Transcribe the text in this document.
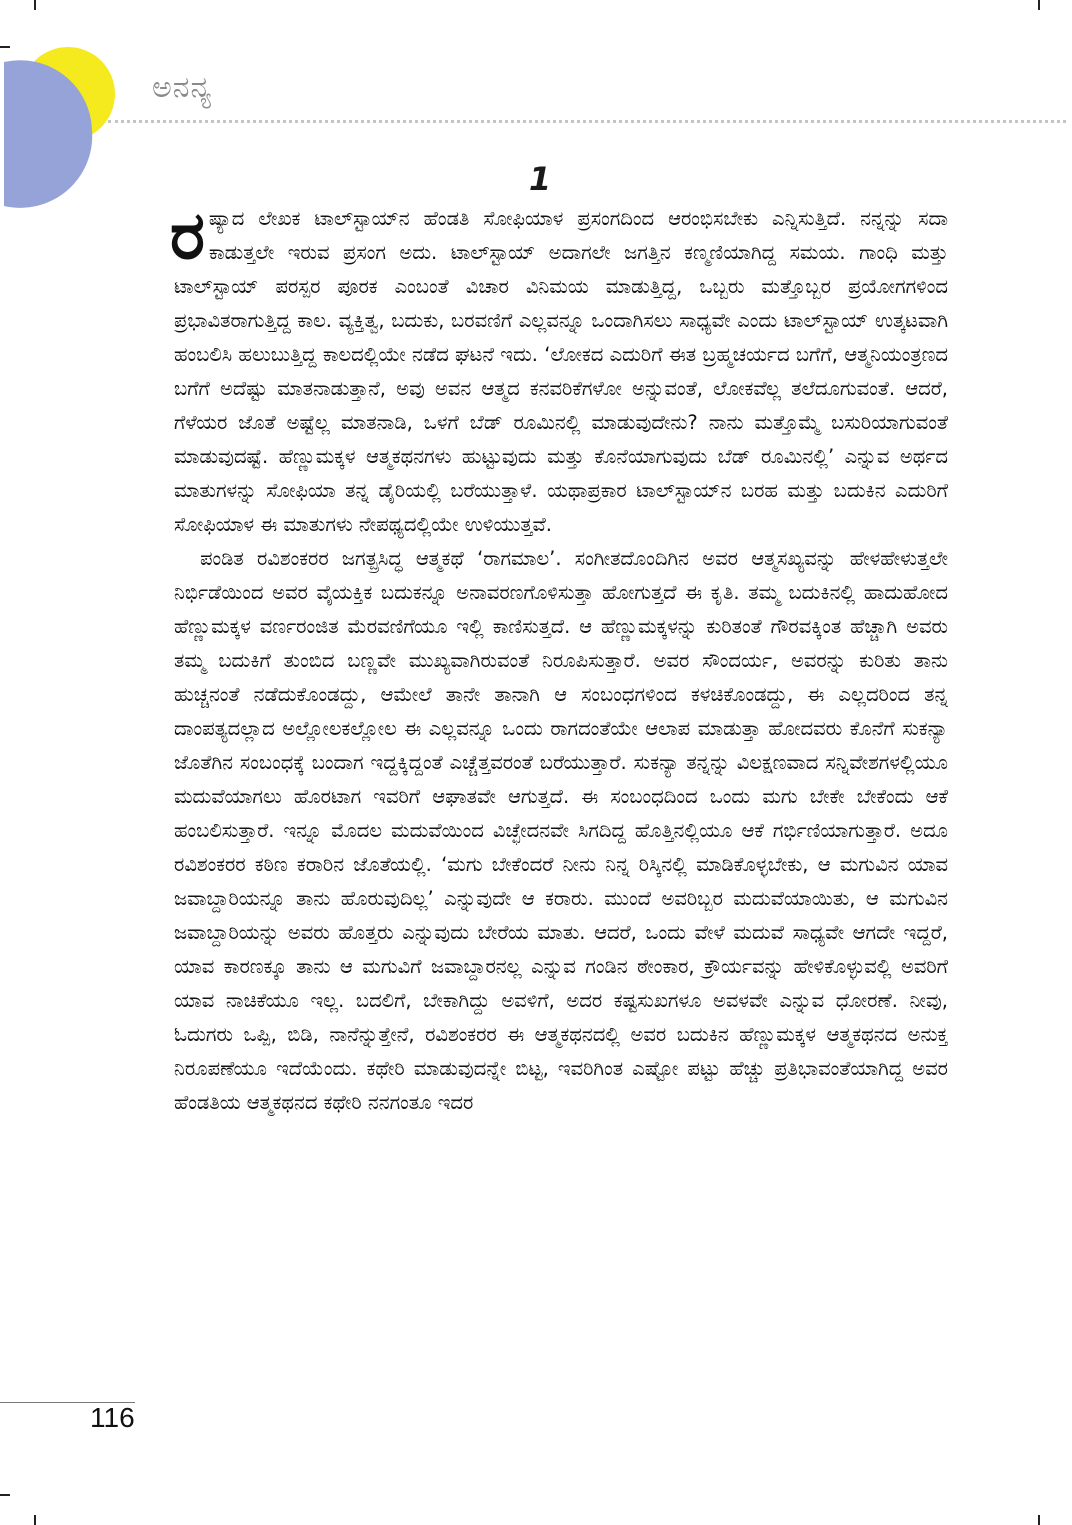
ಅನನ್ಯ
1

ರಷ್ಯಾದ ಲೇಖಕ ಟಾಲ್‌ಸ್ಟಾಯ್‌ನ ಹೆಂಡತಿ ಸೋಫಿಯಾಳ ಪ್ರಸಂಗದಿಂದ ಆರಂಭಿಸಬೇಕು ಎನ್ನಿಸುತ್ತಿದೆ. ನನ್ನನ್ನು ಸದಾ ಕಾಡುತ್ತಲೇ ಇರುವ ಪ್ರಸಂಗ ಅದು. ಟಾಲ್‌ಸ್ಟಾಯ್ ಅದಾಗಲೇ ಜಗತ್ತಿನ ಕಣ್ಮಣಿಯಾಗಿದ್ದ ಸಮಯ. ಗಾಂಧಿ ಮತ್ತು ಟಾಲ್‌ಸ್ಟಾಯ್ ಪರಸ್ಪರ ಪೂರಕ ಎಂಬಂತೆ ವಿಚಾರ ವಿನಿಮಯ ಮಾಡುತ್ತಿದ್ದ, ಒಬ್ಬರು ಮತ್ತೊಬ್ಬರ ಪ್ರಯೋಗಗಳಿಂದ ಪ್ರಭಾವಿತರಾಗುತ್ತಿದ್ದ ಕಾಲ. ವ್ಯಕ್ತಿತ್ವ, ಬದುಕು, ಬರವಣಿಗೆ ಎಲ್ಲವನ್ನೂ ಒಂದಾಗಿಸಲು ಸಾಧ್ಯವೇ ಎಂದು ಟಾಲ್‌ಸ್ಟಾಯ್ ಉತ್ಕಟವಾಗಿ ಹಂಬಲಿಸಿ ಹಲುಬುತ್ತಿದ್ದ ಕಾಲದಲ್ಲಿಯೇ ನಡೆದ ಘಟನೆ ಇದು. ‘ಲೋಕದ ಎದುರಿಗೆ ಈತ ಬ್ರಹ್ಮಚರ್ಯದ ಬಗೆಗೆ, ಆತ್ಮನಿಯಂತ್ರಣದ ಬಗೆಗೆ ಅದೆಷ್ಟು ಮಾತನಾಡುತ್ತಾನೆ, ಅವು ಅವನ ಆತ್ಮದ ಕನವರಿಕೆಗಳೋ ಅನ್ನುವಂತೆ, ಲೋಕವೆಲ್ಲ ತಲೆದೂಗುವಂತೆ. ಆದರೆ, ಗೆಳೆಯರ ಜೊತೆ ಅಷ್ಟೆಲ್ಲ ಮಾತನಾಡಿ, ಒಳಗೆ ಬೆಡ್ ರೂಮಿನಲ್ಲಿ ಮಾಡುವುದೇನು? ನಾನು ಮತ್ತೊಮ್ಮೆ ಬಸುರಿಯಾಗುವಂತೆ ಮಾಡುವುದಷ್ಟೆ. ಹೆಣ್ಣುಮಕ್ಕಳ ಆತ್ಮಕಥನಗಳು ಹುಟ್ಟುವುದು ಮತ್ತು ಕೊನೆಯಾಗುವುದು ಬೆಡ್ ರೂಮಿನಲ್ಲಿ’ ಎನ್ನುವ ಅರ್ಥದ ಮಾತುಗಳನ್ನು ಸೋಫಿಯಾ ತನ್ನ ಡೈರಿಯಲ್ಲಿ ಬರೆಯುತ್ತಾಳೆ. ಯಥಾಪ್ರಕಾರ ಟಾಲ್‌ಸ್ಟಾಯ್‌ನ ಬರಹ ಮತ್ತು ಬದುಕಿನ ಎದುರಿಗೆ ಸೋಫಿಯಾಳ ಈ ಮಾತುಗಳು ನೇಪಥ್ಯದಲ್ಲಿಯೇ ಉಳಿಯುತ್ತವೆ.

ಪಂಡಿತ ರವಿಶಂಕರರ ಜಗತ್ಪ್ರಸಿದ್ಧ ಆತ್ಮಕಥೆ ‘ರಾಗಮಾಲ’. ಸಂಗೀತದೊಂದಿಗಿನ ಅವರ ಆತ್ಮಸಖ್ಯವನ್ನು ಹೇಳಹೇಳುತ್ತಲೇ ನಿರ್ಭಿಡೆಯಿಂದ ಅವರ ವೈಯಕ್ತಿಕ ಬದುಕನ್ನೂ ಅನಾವರಣಗೊಳಿಸುತ್ತಾ ಹೋಗುತ್ತದೆ ಈ ಕೃತಿ. ತಮ್ಮ ಬದುಕಿನಲ್ಲಿ ಹಾದುಹೋದ ಹೆಣ್ಣುಮಕ್ಕಳ ವರ್ಣರಂಜಿತ ಮೆರವಣಿಗೆಯೂ ಇಲ್ಲಿ ಕಾಣಿಸುತ್ತದೆ. ಆ ಹೆಣ್ಣುಮಕ್ಕಳನ್ನು ಕುರಿತಂತೆ ಗೌರವಕ್ಕಿಂತ ಹೆಚ್ಚಾಗಿ ಅವರು ತಮ್ಮ ಬದುಕಿಗೆ ತುಂಬಿದ ಬಣ್ಣವೇ ಮುಖ್ಯವಾಗಿರುವಂತೆ ನಿರೂಪಿಸುತ್ತಾರೆ. ಅವರ ಸೌಂದರ್ಯ, ಅವರನ್ನು ಕುರಿತು ತಾನು ಹುಚ್ಚನಂತೆ ನಡೆದುಕೊಂಡದ್ದು, ಆಮೇಲೆ ತಾನೇ ತಾನಾಗಿ ಆ ಸಂಬಂಧಗಳಿಂದ ಕಳಚಿಕೊಂಡದ್ದು, ಈ ಎಲ್ಲದರಿಂದ ತನ್ನ ದಾಂಪತ್ಯದಲ್ಲಾದ ಅಲ್ಲೋಲಕಲ್ಲೋಲ ಈ ಎಲ್ಲವನ್ನೂ ಒಂದು ರಾಗದಂತೆಯೇ ಆಲಾಪ ಮಾಡುತ್ತಾ ಹೋದವರು ಕೊನೆಗೆ ಸುಕನ್ಯಾ ಜೊತೆಗಿನ ಸಂಬಂಧಕ್ಕೆ ಬಂದಾಗ ಇದ್ದಕ್ಕಿದ್ದಂತೆ ಎಚ್ಚೆತ್ತವರಂತೆ ಬರೆಯುತ್ತಾರೆ. ಸುಕನ್ಯಾ ತನ್ನನ್ನು ವಿಲಕ್ಷಣವಾದ ಸನ್ನಿವೇಶಗಳಲ್ಲಿಯೂ ಮದುವೆಯಾಗಲು ಹೊರಟಾಗ ಇವರಿಗೆ ಆಘಾತವೇ ಆಗುತ್ತದೆ. ಈ ಸಂಬಂಧದಿಂದ ಒಂದು ಮಗು ಬೇಕೇ ಬೇಕೆಂದು ಆಕೆ ಹಂಬಲಿಸುತ್ತಾರೆ. ಇನ್ನೂ ಮೊದಲ ಮದುವೆಯಿಂದ ವಿಚ್ಛೇದನವೇ ಸಿಗದಿದ್ದ ಹೊತ್ತಿನಲ್ಲಿಯೂ ಆಕೆ ಗರ್ಭಿಣಿಯಾಗುತ್ತಾರೆ. ಅದೂ ರವಿಶಂಕರರ ಕಠಿಣ ಕರಾರಿನ ಜೊತೆಯಲ್ಲಿ. ‘ಮಗು ಬೇಕೆಂದರೆ ನೀನು ನಿನ್ನ ರಿಸ್ಕಿನಲ್ಲಿ ಮಾಡಿಕೊಳ್ಳಬೇಕು, ಆ ಮಗುವಿನ ಯಾವ ಜವಾಬ್ದಾರಿಯನ್ನೂ ತಾನು ಹೊರುವುದಿಲ್ಲ’ ಎನ್ನುವುದೇ ಆ ಕರಾರು. ಮುಂದೆ ಅವರಿಬ್ಬರ ಮದುವೆಯಾಯಿತು, ಆ ಮಗುವಿನ ಜವಾಬ್ದಾರಿಯನ್ನು ಅವರು ಹೊತ್ತರು ಎನ್ನುವುದು ಬೇರೆಯ ಮಾತು. ಆದರೆ, ಒಂದು ವೇಳೆ ಮದುವೆ ಸಾಧ್ಯವೇ ಆಗದೇ ಇದ್ದರೆ, ಯಾವ ಕಾರಣಕ್ಕೂ ತಾನು ಆ ಮಗುವಿಗೆ ಜವಾಬ್ದಾರನಲ್ಲ ಎನ್ನುವ ಗಂಡಿನ ಠೇಂಕಾರ, ಕ್ರೌರ್ಯವನ್ನು ಹೇಳಿಕೊಳ್ಳುವಲ್ಲಿ ಅವರಿಗೆ ಯಾವ ನಾಚಿಕೆಯೂ ಇಲ್ಲ. ಬದಲಿಗೆ, ಬೇಕಾಗಿದ್ದು ಅವಳಿಗೆ, ಅದರ ಕಷ್ಟಸುಖಗಳೂ ಅವಳವೇ ಎನ್ನುವ ಧೋರಣೆ. ನೀವು, ಓದುಗರು ಒಪ್ಪಿ, ಬಿಡಿ, ನಾನೆನ್ನುತ್ತೇನೆ, ರವಿಶಂಕರರ ಈ ಆತ್ಮಕಥನದಲ್ಲಿ ಅವರ ಬದುಕಿನ ಹೆಣ್ಣುಮಕ್ಕಳ ಆತ್ಮಕಥನದ ಅನುಕ್ತ ನಿರೂಪಣೆಯೂ ಇದೆಯೆಂದು. ಕಥೇರಿ ಮಾಡುವುದನ್ನೇ ಬಿಟ್ಟ, ಇವರಿಗಿಂತ ಎಷ್ಟೋ ಪಟ್ಟು ಹೆಚ್ಚು ಪ್ರತಿಭಾವಂತೆಯಾಗಿದ್ದ ಅವರ ಹೆಂಡತಿಯ ಆತ್ಮಕಥನದ ಕಥೇರಿ ನನಗಂತೂ ಇದರ

116
